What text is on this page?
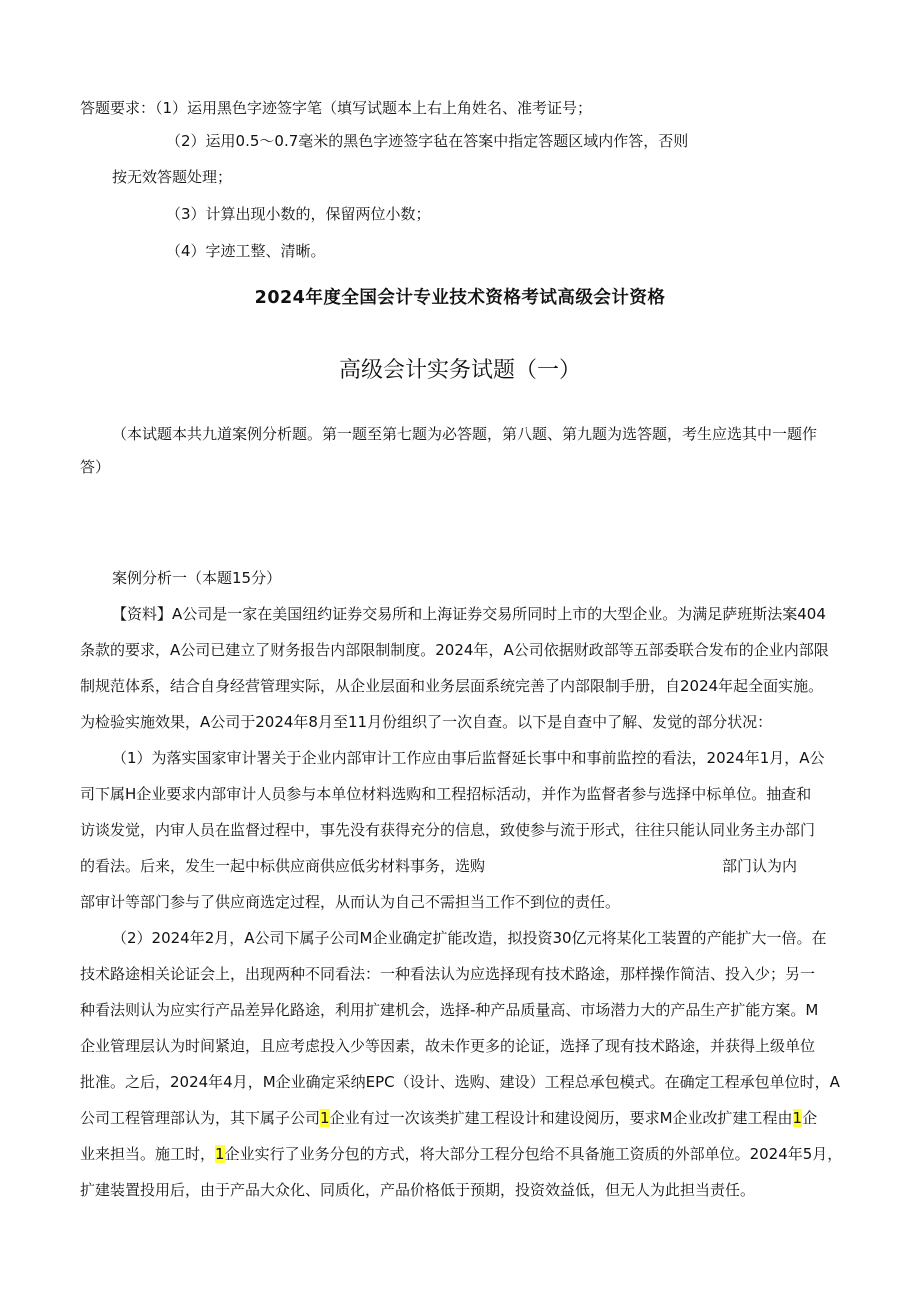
答题要求：（1）运用黑色字迹签字笔（填写试题本上右上角姓名、准考证号；
（2）运用0.5～0.7毫米的黑色字迹签字毡在答案中指定答题区域内作答，否则
按无效答题处理；
（3）计算出现小数的，保留两位小数；
（4）字迹工整、清晰。
2024年度全国会计专业技术资格考试高级会计资格
高级会计实务试题（一）
（本试题本共九道案例分析题。第一题至第七题为必答题，第八题、第九题为选答题，考生应选其中一题作
答）
案例分析一（本题15分）
【资料】A公司是一家在美国纽约证券交易所和上海证券交易所同时上市的大型企业。为满足萨班斯法案404
条款的要求，A公司已建立了财务报告内部限制制度。2024年，A公司依据财政部等五部委联合发布的企业内部限
制规范体系，结合自身经营管理实际，从企业层面和业务层面系统完善了内部限制手册，自2024年起全面实施。
为检验实施效果，A公司于2024年8月至11月份组织了一次自查。以下是自查中了解、发觉的部分状况：
（1）为落实国家审计署关于企业内部审计工作应由事后监督延长事中和事前监控的看法，2024年1月，A公
司下属H企业要求内部审计人员参与本单位材料选购和工程招标活动，并作为监督者参与选择中标单位。抽查和
访谈发觉，内审人员在监督过程中，事先没有获得充分的信息，致使参与流于形式，往往只能认同业务主办部门
的看法。后来，发生一起中标供应商供应低劣材料事务，选购	部门认为内
部审计等部门参与了供应商选定过程，从而认为自己不需担当工作不到位的责任。
（2）2024年2月，A公司下属子公司M企业确定扩能改造，拟投资30亿元将某化工装置的产能扩大一倍。在
技术路途相关论证会上，出现两种不同看法：一种看法认为应选择现有技术路途，那样操作简洁、投入少；另一
种看法则认为应实行产品差异化路途，利用扩建机会，选择-种产品质量高、市场潜力大的产品生产扩能方案。M
企业管理层认为时间紧迫，且应考虑投入少等因素，故未作更多的论证，选择了现有技术路途，并获得上级单位
批准。之后，2024年4月，M企业确定采纳EPC（设计、选购、建设）工程总承包模式。在确定工程承包单位时，A
公司工程管理部认为，其下属子公司1企业有过一次该类扩建工程设计和建设阅历，要求M企业改扩建工程由1企
业来担当。施工时，1企业实行了业务分包的方式，将大部分工程分包给不具备施工资质的外部单位。2024年5月，
扩建装置投用后，由于产品大众化、同质化，产品价格低于预期，投资效益低，但无人为此担当责任。
